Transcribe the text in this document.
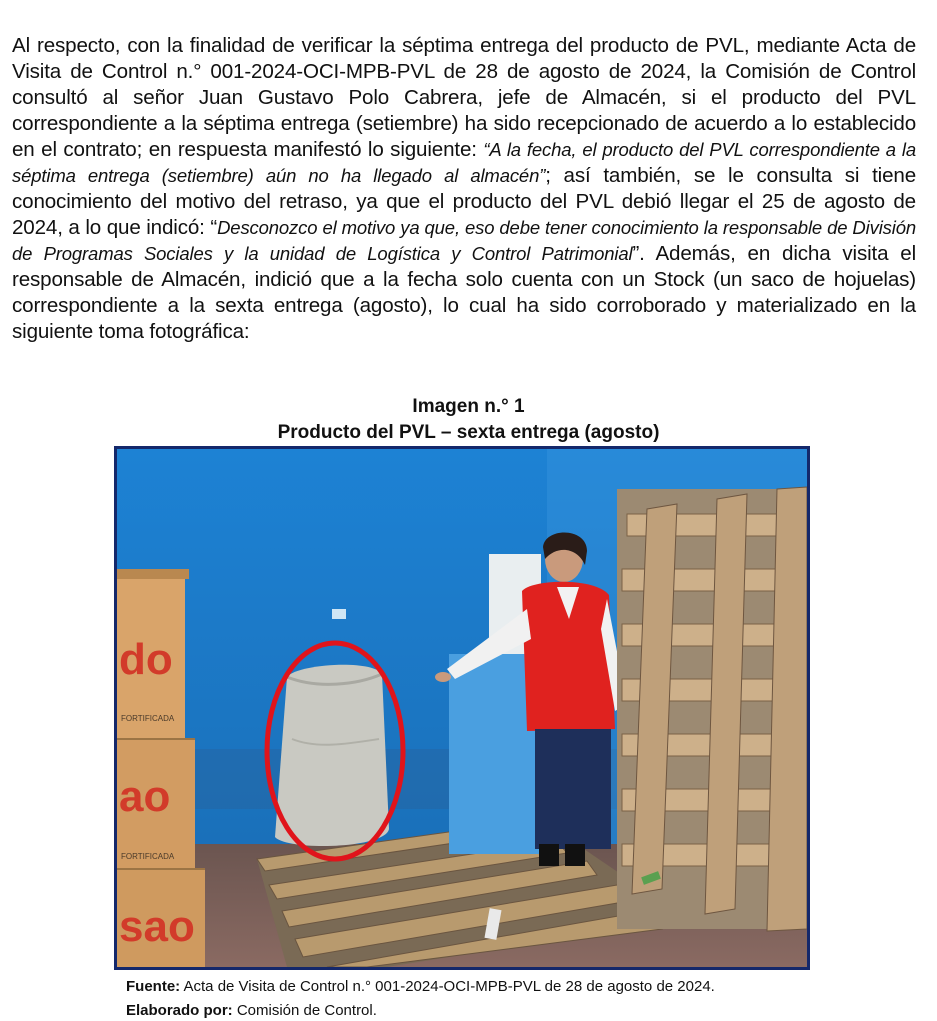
Al respecto, con la finalidad de verificar la séptima entrega del producto de PVL, mediante Acta de Visita de Control n.° 001-2024-OCI-MPB-PVL de 28 de agosto de 2024, la Comisión de Control consultó al señor Juan Gustavo Polo Cabrera, jefe de Almacén, si el producto del PVL correspondiente a la séptima entrega (setiembre) ha sido recepcionado de acuerdo a lo establecido en el contrato; en respuesta manifestó lo siguiente: “A la fecha, el producto del PVL correspondiente a la séptima entrega (setiembre) aún no ha llegado al almacén”; así también, se le consulta si tiene conocimiento del motivo del retraso, ya que el producto del PVL debió llegar el 25 de agosto de 2024, a lo que indicó: “Desconozco el motivo ya que, eso debe tener conocimiento la responsable de División de Programas Sociales y la unidad de Logística y Control Patrimonial”. Además, en dicha visita el responsable de Almacén, indició que a la fecha solo cuenta con un Stock (un saco de hojuelas) correspondiente a la sexta entrega (agosto), lo cual ha sido corroborado y materializado en la siguiente toma fotográfica:

Imagen n.° 1
Producto del PVL – sexta entrega (agosto)
do
ao
sao
FORTIFICADA
FORTIFICADA
Fuente: Acta de Visita de Control n.° 001-2024-OCI-MPB-PVL de 28 de agosto de 2024.
Elaborado por: Comisión de Control.
